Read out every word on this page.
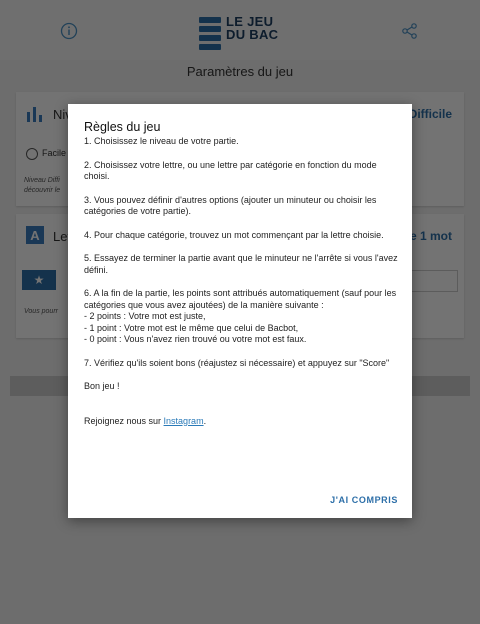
Règles du jeu

1. Choisissez le niveau de votre partie.

2. Choisissez votre lettre, ou une lettre par catégorie en fonction du mode choisi.

3. Vous pouvez définir d'autres options (ajouter un minuteur ou choisir les catégories de votre partie).

4. Pour chaque catégorie, trouvez un mot commençant par la lettre choisie.

5. Essayez de terminer la partie avant que le minuteur ne l'arrête si vous l'avez défini.

6. A la fin de la partie, les points sont attribués automatiquement (sauf pour les catégories que vous avez ajoutées) de la manière suivante :
- 2 points : Votre mot est juste,
- 1 point : Votre mot est le même que celui de Bacbot,
- 0 point : Vous n'avez rien trouvé ou votre mot est faux.

7. Vérifiez qu'ils soient bons (réajustez si nécessaire) et appuyez sur "Score"

Bon jeu !

Rejoignez nous sur Instagram.

J'AI COMPRIS
